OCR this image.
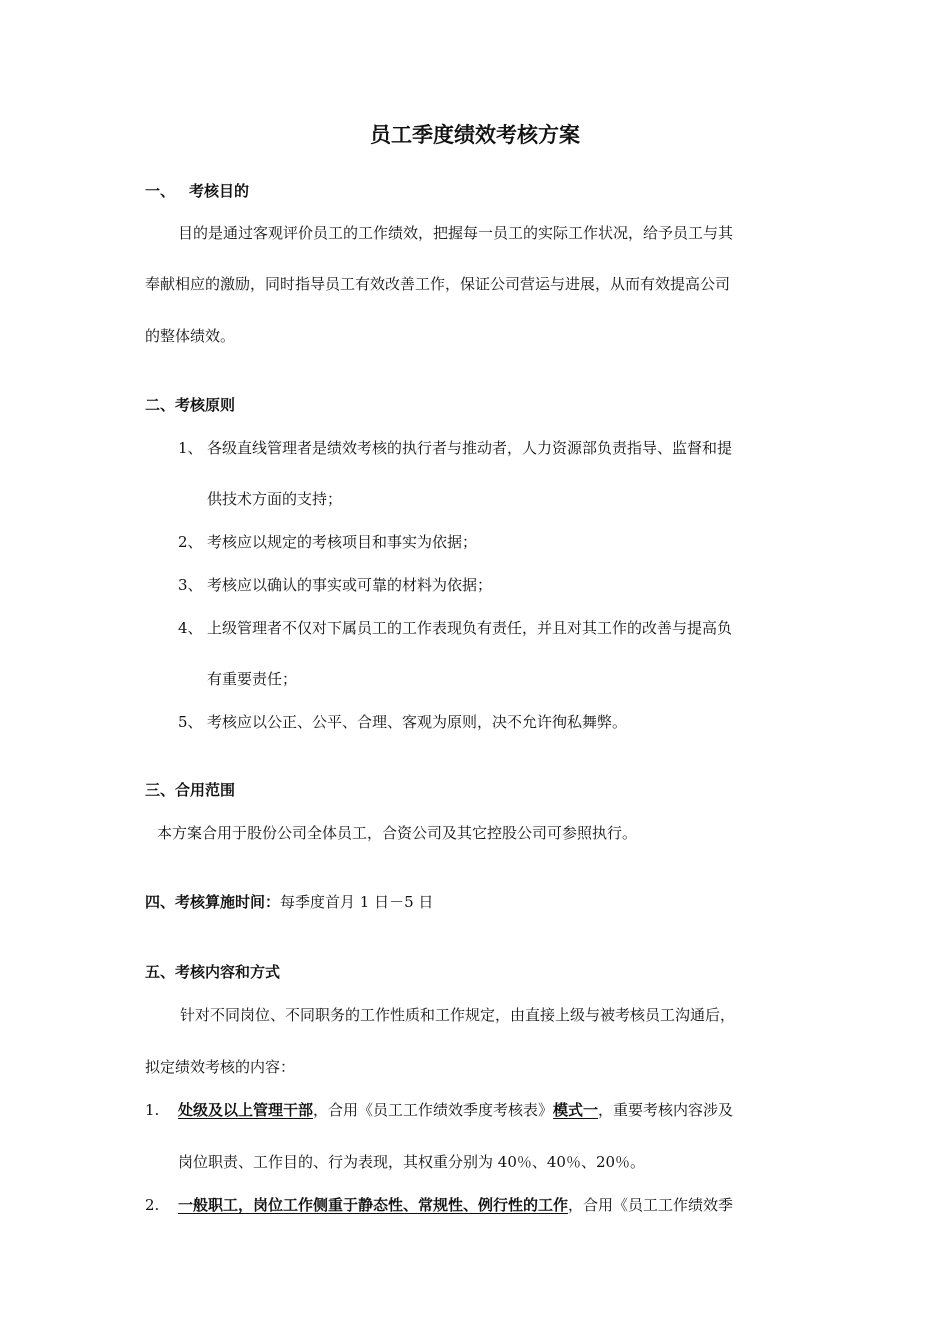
员工季度绩效考核方案
一、 考核目的
目的是通过客观评价员工的工作绩效，把握每一员工的实际工作状况，给予员工与其
奉献相应的激励，同时指导员工有效改善工作，保证公司营运与进展，从而有效提高公司
的整体绩效。
二、考核原则
1、 各级直线管理者是绩效考核的执行者与推动者，人力资源部负责指导、监督和提
供技术方面的支持；
2、 考核应以规定的考核项目和事实为依据；
3、 考核应以确认的事实或可靠的材料为依据；
4、 上级管理者不仅对下属员工的工作表现负有责任，并且对其工作的改善与提高负
有重要责任；
5、 考核应以公正、公平、合理、客观为原则，决不允许徇私舞弊。
三、合用范围
本方案合用于股份公司全体员工，合资公司及其它控股公司可参照执行。
四、考核算施时间：每季度首月 1 日－5 日
五、考核内容和方式
针对不同岗位、不同职务的工作性质和工作规定，由直接上级与被考核员工沟通后，
拟定绩效考核的内容：
1. 处级及以上管理干部，合用《员工工作绩效季度考核表》模式一，重要考核内容涉及
岗位职责、工作目的、行为表现，其权重分别为 40％、40％、20％。
2. 一般职工，岗位工作侧重于静态性、常规性、例行性的工作，合用《员工工作绩效季
